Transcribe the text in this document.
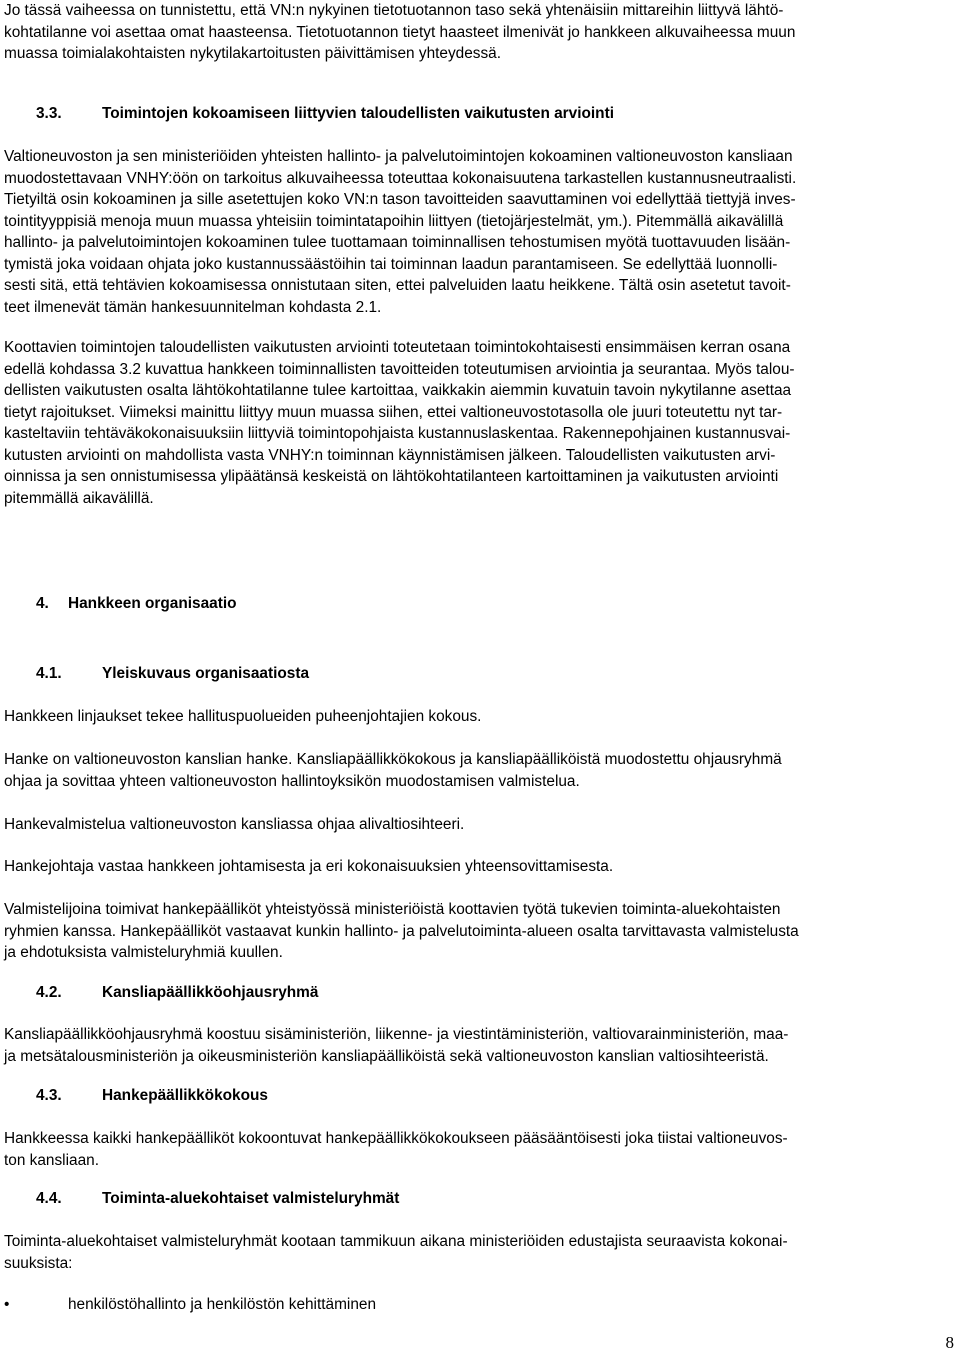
Jo tässä vaiheessa on tunnistettu, että VN:n nykyinen tietotuotannon taso sekä yhtenäisiin mittareihin liittyvä lähtö-
kohtatilanne voi asettaa omat haasteensa. Tietotuotannon tietyt haasteet ilmenivät jo hankkeen alkuvaiheessa muun
muassa toimialakohtaisten nykytilakartoitusten päivittämisen yhteydessä.
3.3.	Toimintojen kokoamiseen liittyvien taloudellisten vaikutusten arviointi
Valtioneuvoston ja sen ministeriöiden yhteisten hallinto- ja palvelutoimintojen kokoaminen valtioneuvoston kansliaan
muodostettavaan VNHY:öön on tarkoitus alkuvaiheessa toteuttaa kokonaisuutena tarkastellen kustannusneutraalisti.
Tietyiltä osin kokoaminen ja sille asetettujen koko VN:n tason tavoitteiden saavuttaminen voi edellyttää tiettyjä inves-
tointityyppisiä menoja muun muassa yhteisiin toimintatapoihin liittyen (tietojärjestelmät, ym.). Pitemmällä aikavälillä
hallinto- ja palvelutoimintojen kokoaminen tulee tuottamaan toiminnallisen tehostumisen myötä tuottavuuden lisään-
tymistä joka voidaan ohjata joko kustannussäästöihin tai toiminnan laadun parantamiseen. Se edellyttää luonnolli-
sesti sitä, että tehtävien kokoamisessa onnistutaan siten, ettei palveluiden laatu heikkene. Tältä osin asetetut tavoit-
teet ilmenevät tämän hankesuunnitelman kohdasta 2.1.
Koottavien toimintojen taloudellisten vaikutusten arviointi toteutetaan toimintokohtaisesti ensimmäisen kerran osana
edellä kohdassa 3.2 kuvattua hankkeen toiminnallisten tavoitteiden toteutumisen arviointia ja seurantaa. Myös talou-
dellisten vaikutusten osalta lähtökohtatilanne tulee kartoittaa, vaikkakin aiemmin kuvatuin tavoin nykytilanne asettaa
tietyt rajoitukset. Viimeksi mainittu liittyy muun muassa siihen, ettei valtioneuvostotasolla ole juuri toteutettu nyt tar-
kasteltaviin tehtäväkokonaisuuksiin liittyviä toimintopohjaista kustannuslaskentaa. Rakennepohjainen kustannusvai-
kutusten arviointi on mahdollista vasta VNHY:n toiminnan käynnistämisen jälkeen. Taloudellisten vaikutusten arvi-
oinnissa ja sen onnistumisessa ylipäätänsä keskeistä on lähtökohtatilanteen kartoittaminen ja vaikutusten arviointi
pitemmällä aikavälillä.
4. Hankkeen organisaatio
4.1.	Yleiskuvaus organisaatiosta
Hankkeen linjaukset tekee hallituspuolueiden puheenjohtajien kokous.
Hanke on valtioneuvoston kanslian hanke. Kansliapäällikkökokous ja kansliapäälliköistä muodostettu ohjausryhmä
ohjaa ja sovittaa yhteen valtioneuvoston hallintoyksikön muodostamisen valmistelua.
Hankevalmistelua valtioneuvoston kansliassa ohjaa alivaltiosihteeri.
Hankejohtaja vastaa hankkeen johtamisesta ja eri kokonaisuuksien yhteensovittamisesta.
Valmistelijoina toimivat hankepäälliköt yhteistyössä ministeriöistä koottavien työtä tukevien toiminta-aluekohtaisten
ryhmien kanssa. Hankepäälliköt vastaavat kunkin hallinto- ja palvelutoiminta-alueen osalta tarvittavasta valmistelusta
ja ehdotuksista valmisteluryhmiä kuullen.
4.2.	Kansliapäällikköohjausryhmä
Kansliapäällikköohjausryhmä koostuu sisäministeriön, liikenne- ja viestintäministeriön, valtiovarainministeriön, maa-
ja metsätalousministeriön ja oikeusministeriön kansliapäälliköistä sekä valtioneuvoston kanslian valtiosihteeristä.
4.3.	Hankepäällikkökokous
Hankkeessa kaikki hankepäälliköt kokoontuvat hankepäällikkökokoukseen pääsääntöisesti joka tiistai valtioneuvos-
ton kansliaan.
4.4.	Toiminta-aluekohtaiset valmisteluryhmät
Toiminta-aluekohtaiset valmisteluryhmät kootaan tammikuun aikana ministeriöiden edustajista seuraavista kokonai-
suuksista:
•	henkilöstöhallinto ja henkilöstön kehittäminen
8
